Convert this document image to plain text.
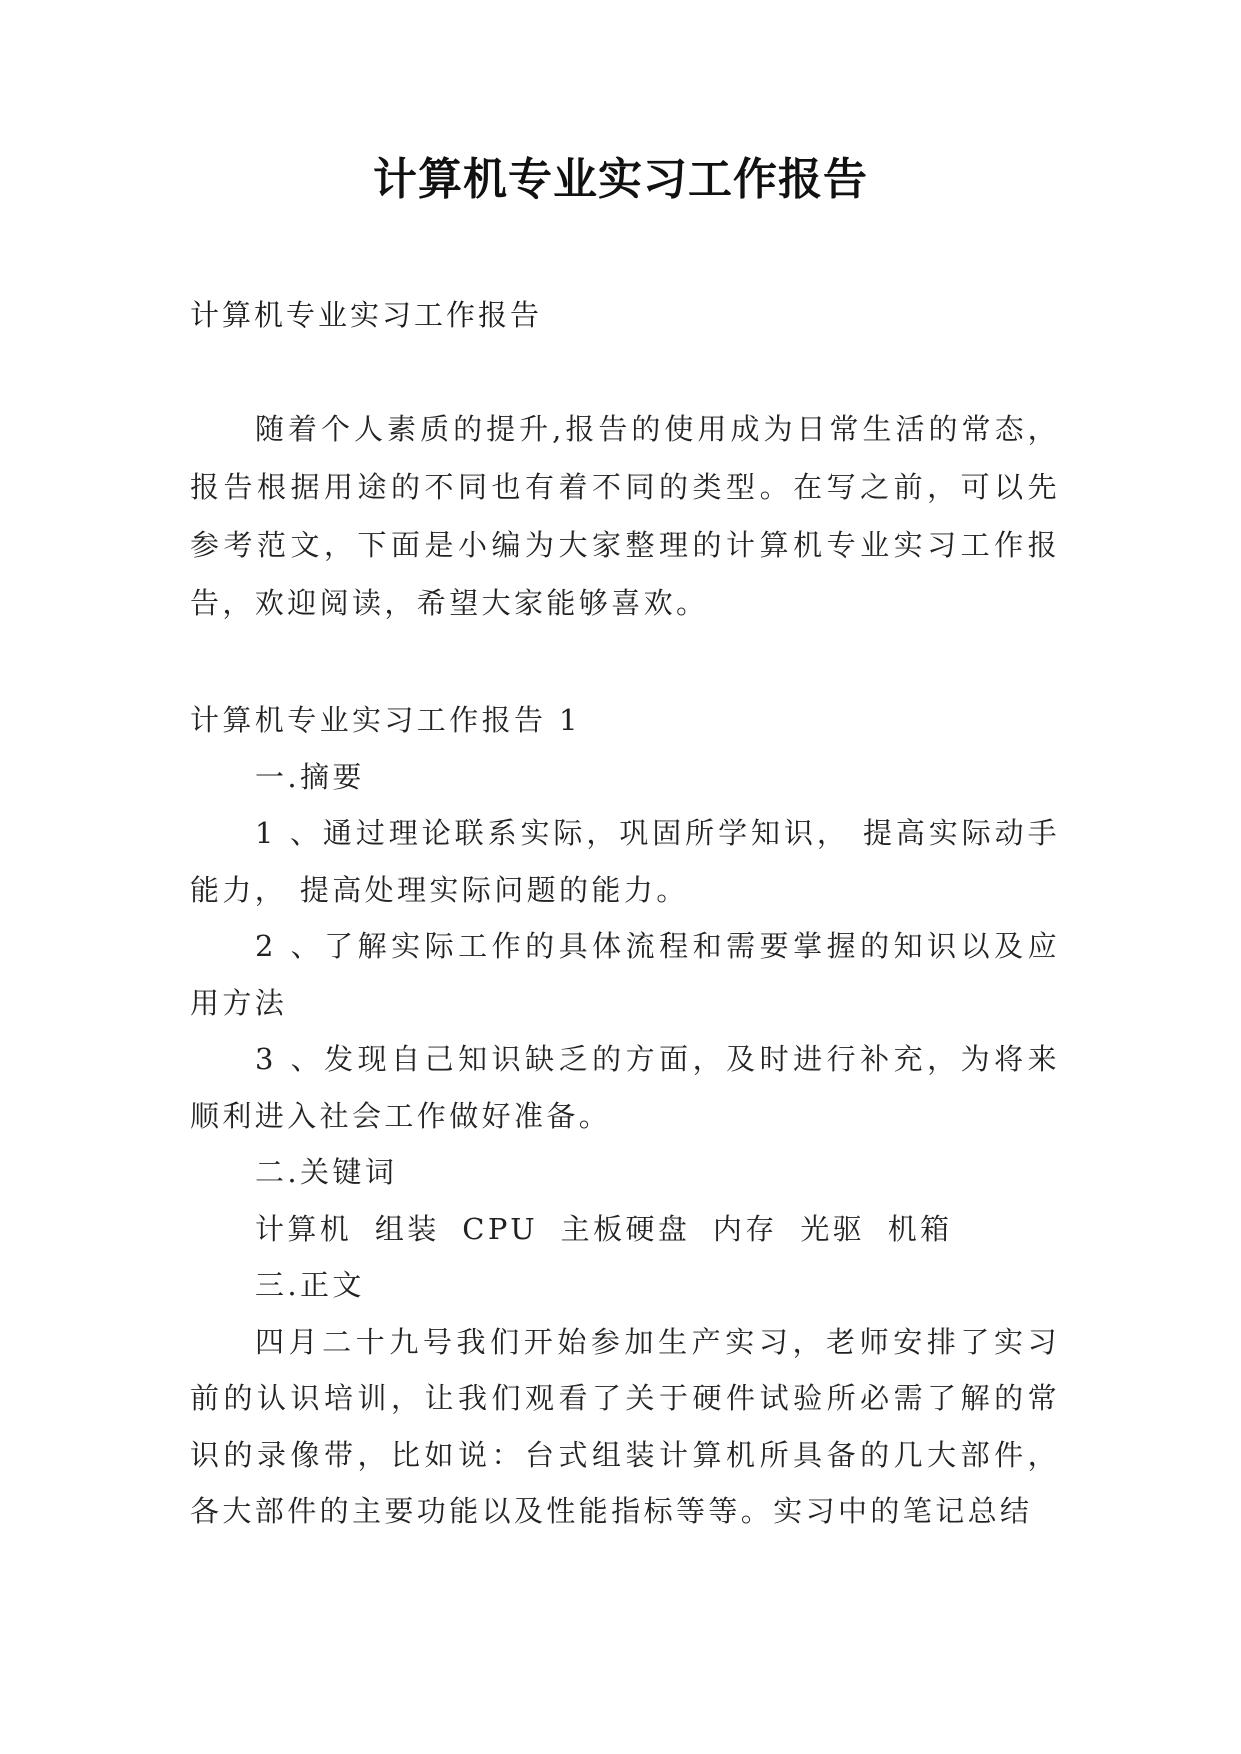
计算机专业实习工作报告
计算机专业实习工作报告

随着个人素质的提升,报告的使用成为日常生活的常态，报告根据用途的不同也有着不同的类型。在写之前，可以先参考范文，下面是小编为大家整理的计算机专业实习工作报告，欢迎阅读，希望大家能够喜欢。

计算机专业实习工作报告 1

一.摘要

1 、通过理论联系实际，巩固所学知识， 提高实际动手能力， 提高处理实际问题的能力。

2 、了解实际工作的具体流程和需要掌握的知识以及应用方法

3 、发现自己知识缺乏的方面，及时进行补充，为将来顺利进入社会工作做好准备。

二.关键词

计算机 组装 CPU 主板硬盘 内存 光驱 机箱

三.正文

四月二十九号我们开始参加生产实习，老师安排了实习前的认识培训，让我们观看了关于硬件试验所必需了解的常识的录像带，比如说：台式组装计算机所具备的几大部件，各大部件的主要功能以及性能指标等等。实习中的笔记总结
